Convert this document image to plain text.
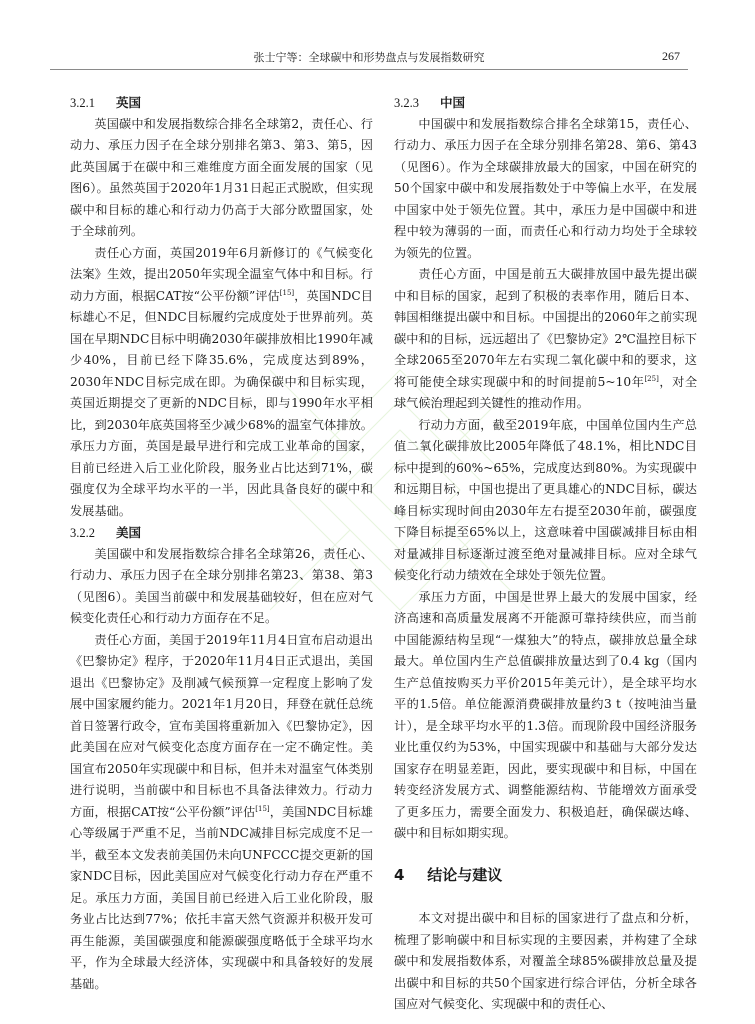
张士宁等：全球碳中和形势盘点与发展指数研究	267
3.2.1 英国

英国碳中和发展指数综合排名全球第2，责任心、行动力、承压力因子在全球分别排名第3、第3、第5，因此英国属于在碳中和三难维度方面全面发展的国家（见图6）。虽然英国于2020年1月31日起正式脱欧，但实现碳中和目标的雄心和行动力仍高于大部分欧盟国家，处于全球前列。

责任心方面，英国2019年6月新修订的《气候变化法案》生效，提出2050年实现全温室气体中和目标。行动力方面，根据CAT按“公平份额”评估[15]，英国NDC目标雄心不足，但NDC目标履约完成度处于世界前列。英国在早期NDC目标中明确2030年碳排放相比1990年减少40%，目前已经下降35.6%，完成度达到89%，2030年NDC目标完成在即。为确保碳中和目标实现，英国近期提交了更新的NDC目标，即与1990年水平相比，到2030年底英国将至少减少68%的温室气体排放。承压力方面，英国是最早进行和完成工业革命的国家，目前已经进入后工业化阶段，服务业占比达到71%，碳强度仅为全球平均水平的一半，因此具备良好的碳中和发展基础。

3.2.2 美国

美国碳中和发展指数综合排名全球第26，责任心、行动力、承压力因子在全球分别排名第23、第38、第3（见图6）。美国当前碳中和发展基础较好，但在应对气候变化责任心和行动力方面存在不足。

责任心方面，美国于2019年11月4日宣布启动退出《巴黎协定》程序，于2020年11月4日正式退出，美国退出《巴黎协定》及削减气候预算一定程度上影响了发展中国家履约能力。2021年1月20日，拜登在就任总统首日签署行政令，宣布美国将重新加入《巴黎协定》，因此美国在应对气候变化态度方面存在一定不确定性。美国宣布2050年实现碳中和目标，但并未对温室气体类别进行说明，当前碳中和目标也不具备法律效力。行动力方面，根据CAT按“公平份额”评估[15]，美国NDC目标雄心等级属于严重不足，当前NDC减排目标完成度不足一半，截至本文发表前美国仍未向UNFCCC提交更新的国家NDC目标，因此美国应对气候变化行动力存在严重不足。承压力方面，美国目前已经进入后工业化阶段，服务业占比达到77%；依托丰富天然气资源并积极开发可再生能源，美国碳强度和能源碳强度略低于全球平均水平，作为全球最大经济体，实现碳中和具备较好的发展基础。

3.2.3 中国

中国碳中和发展指数综合排名全球第15，责任心、行动力、承压力因子在全球分别排名第28、第6、第43（见图6）。作为全球碳排放最大的国家，中国在研究的50个国家中碳中和发展指数处于中等偏上水平，在发展中国家中处于领先位置。其中，承压力是中国碳中和进程中较为薄弱的一面，而责任心和行动力均处于全球较为领先的位置。

责任心方面，中国是前五大碳排放国中最先提出碳中和目标的国家，起到了积极的表率作用，随后日本、韩国相继提出碳中和目标。中国提出的2060年之前实现碳中和的目标，远远超出了《巴黎协定》2℃温控目标下全球2065至2070年左右实现二氧化碳中和的要求，这将可能使全球实现碳中和的时间提前5~10年[25]，对全球气候治理起到关键性的推动作用。

行动力方面，截至2019年底，中国单位国内生产总值二氧化碳排放比2005年降低了48.1%，相比NDC目标中提到的60%~65%，完成度达到80%。为实现碳中和远期目标，中国也提出了更具雄心的NDC目标，碳达峰目标实现时间由2030年左右提至2030年前，碳强度下降目标提至65%以上，这意味着中国碳减排目标由相对量减排目标逐渐过渡至绝对量减排目标。应对全球气候变化行动力绩效在全球处于领先位置。

承压力方面，中国是世界上最大的发展中国家，经济高速和高质量发展离不开能源可靠持续供应，而当前中国能源结构呈现“一煤独大”的特点，碳排放总量全球最大。单位国内生产总值碳排放量达到了0.4 kg（国内生产总值按购买力平价2015年美元计），是全球平均水平的1.5倍。单位能源消费碳排放量约3 t（按吨油当量计），是全球平均水平的1.3倍。而现阶段中国经济服务业比重仅约为53%，中国实现碳中和基础与大部分发达国家存在明显差距，因此，要实现碳中和目标，中国在转变经济发展方式、调整能源结构、节能增效方面承受了更多压力，需要全面发力、积极追赶，确保碳达峰、碳中和目标如期实现。

4 结论与建议

本文对提出碳中和目标的国家进行了盘点和分析，梳理了影响碳中和目标实现的主要因素，并构建了全球碳中和发展指数体系，对覆盖全球85%碳排放总量及提出碳中和目标的共50个国家进行综合评估，分析全球各国应对气候变化、实现碳中和的责任心、
